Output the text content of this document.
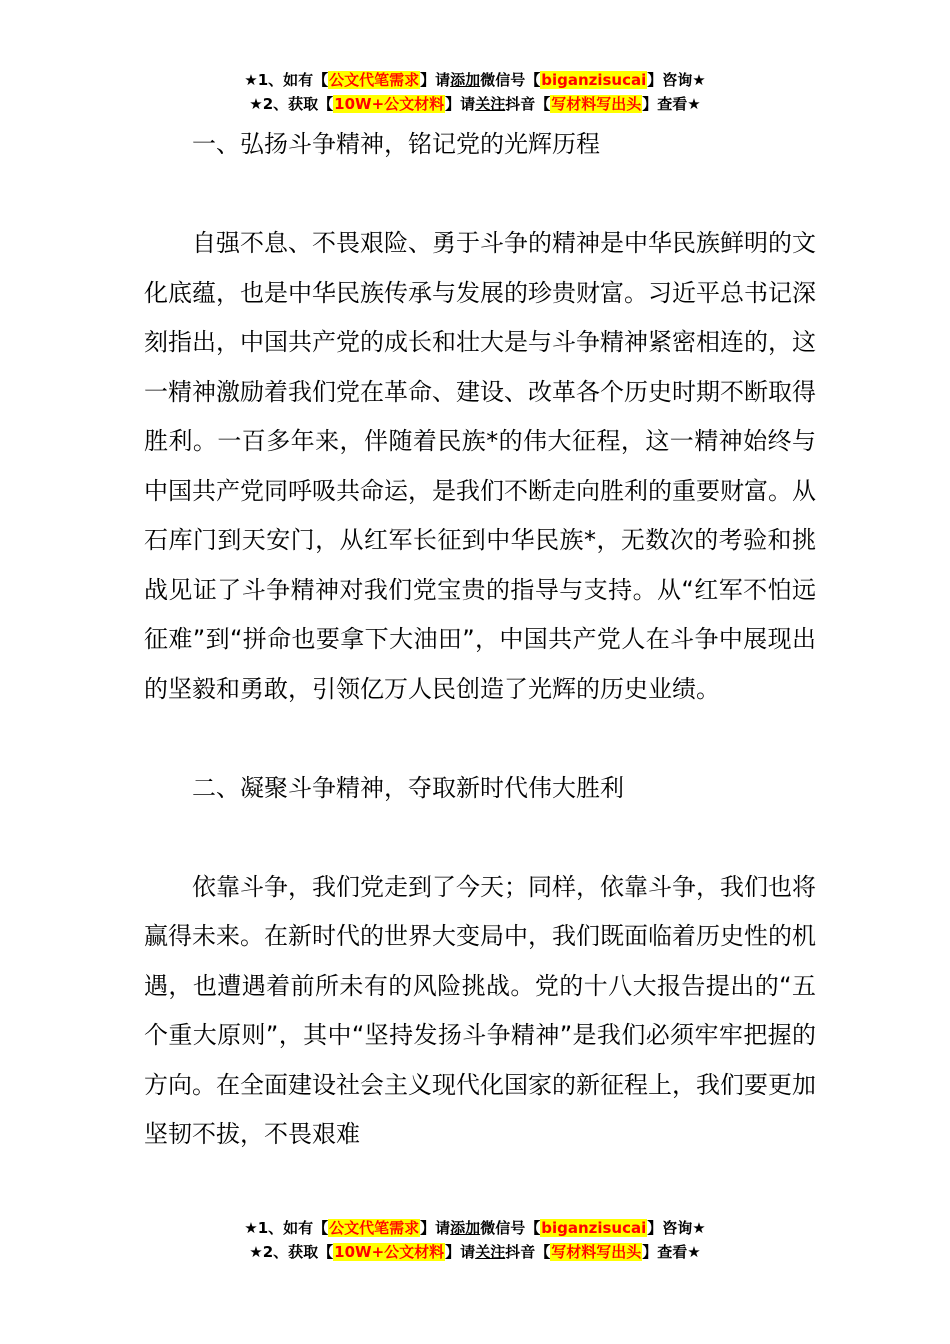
★1、如有【公文代笔需求】请添加微信号【biganzisucai】咨询★
★2、获取【10W+公文材料】请关注抖音【写材料写出头】查看★

一、弘扬斗争精神，铭记党的光辉历程

自强不息、不畏艰险、勇于斗争的精神是中华民族鲜明的文化底蕴，也是中华民族传承与发展的珍贵财富。习近平总书记深刻指出，中国共产党的成长和壮大是与斗争精神紧密相连的，这一精神激励着我们党在革命、建设、改革各个历史时期不断取得胜利。一百多年来，伴随着民族*的伟大征程，这一精神始终与中国共产党同呼吸共命运，是我们不断走向胜利的重要财富。从石库门到天安门，从红军长征到中华民族*，无数次的考验和挑战见证了斗争精神对我们党宝贵的指导与支持。从“红军不怕远征难”到“拼命也要拿下大油田”，中国共产党人在斗争中展现出的坚毅和勇敢，引领亿万人民创造了光辉的历史业绩。

二、凝聚斗争精神，夺取新时代伟大胜利

依靠斗争，我们党走到了今天；同样，依靠斗争，我们也将赢得未来。在新时代的世界大变局中，我们既面临着历史性的机遇，也遭遇着前所未有的风险挑战。党的十八大报告提出的“五个重大原则”，其中“坚持发扬斗争精神”是我们必须牢牢把握的方向。在全面建设社会主义现代化国家的新征程上，我们要更加坚韧不拔，不畏艰难

★1、如有【公文代笔需求】请添加微信号【biganzisucai】咨询★
★2、获取【10W+公文材料】请关注抖音【写材料写出头】查看★
